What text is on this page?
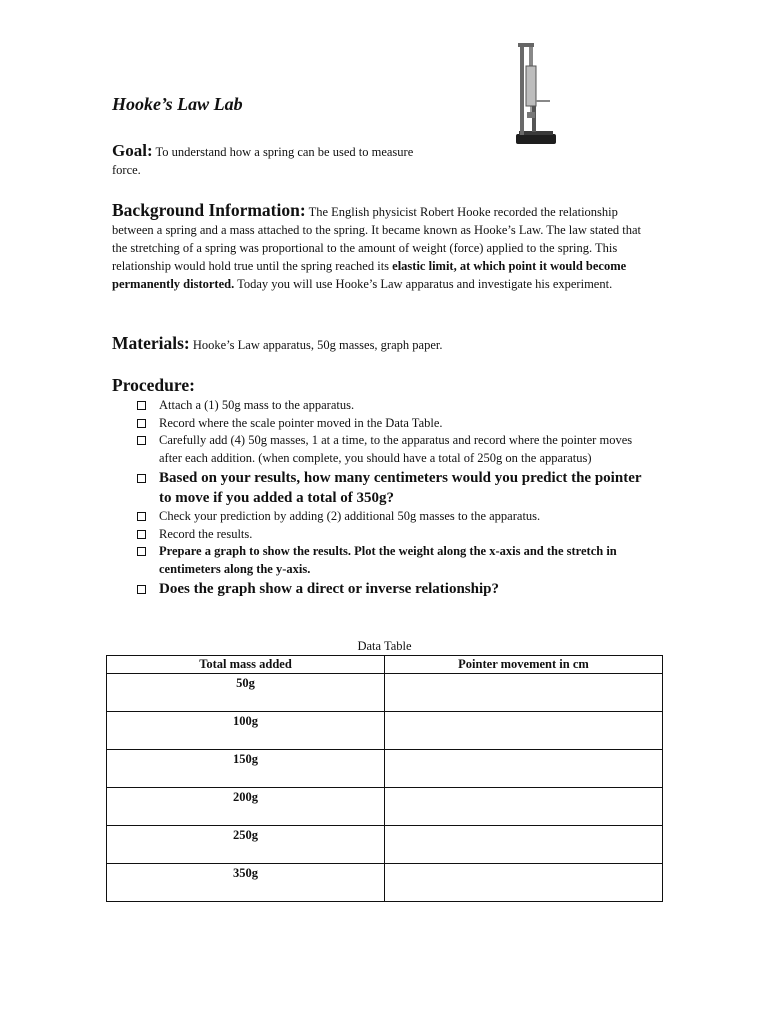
Hooke’s Law Lab
Goal: To understand how a spring can be used to measure force.
Background Information: The English physicist Robert Hooke recorded the relationship between a spring and a mass attached to the spring. It became known as Hooke’s Law. The law stated that the stretching of a spring was proportional to the amount of weight (force) applied to the spring. This relationship would hold true until the spring reached its elastic limit, at which point it would become permanently distorted. Today you will use Hooke’s Law apparatus and investigate his experiment.
Materials: Hooke’s Law apparatus, 50g masses, graph paper.
Procedure:
Attach a (1) 50g mass to the apparatus.
Record where the scale pointer moved in the Data Table.
Carefully add (4) 50g masses, 1 at a time, to the apparatus and record where the pointer moves after each addition. (when complete, you should have a total of 250g on the apparatus)
Based on your results, how many centimeters would you predict the pointer to move if you added a total of 350g?
Check your prediction by adding (2) additional 50g masses to the apparatus.
Record the results.
Prepare a graph to show the results. Plot the weight along the x-axis and the stretch in centimeters along the y-axis.
Does the graph show a direct or inverse relationship?
Data Table
Total mass added	Pointer movement in cm
50g	
100g	
150g	
200g	
250g	
350g	
